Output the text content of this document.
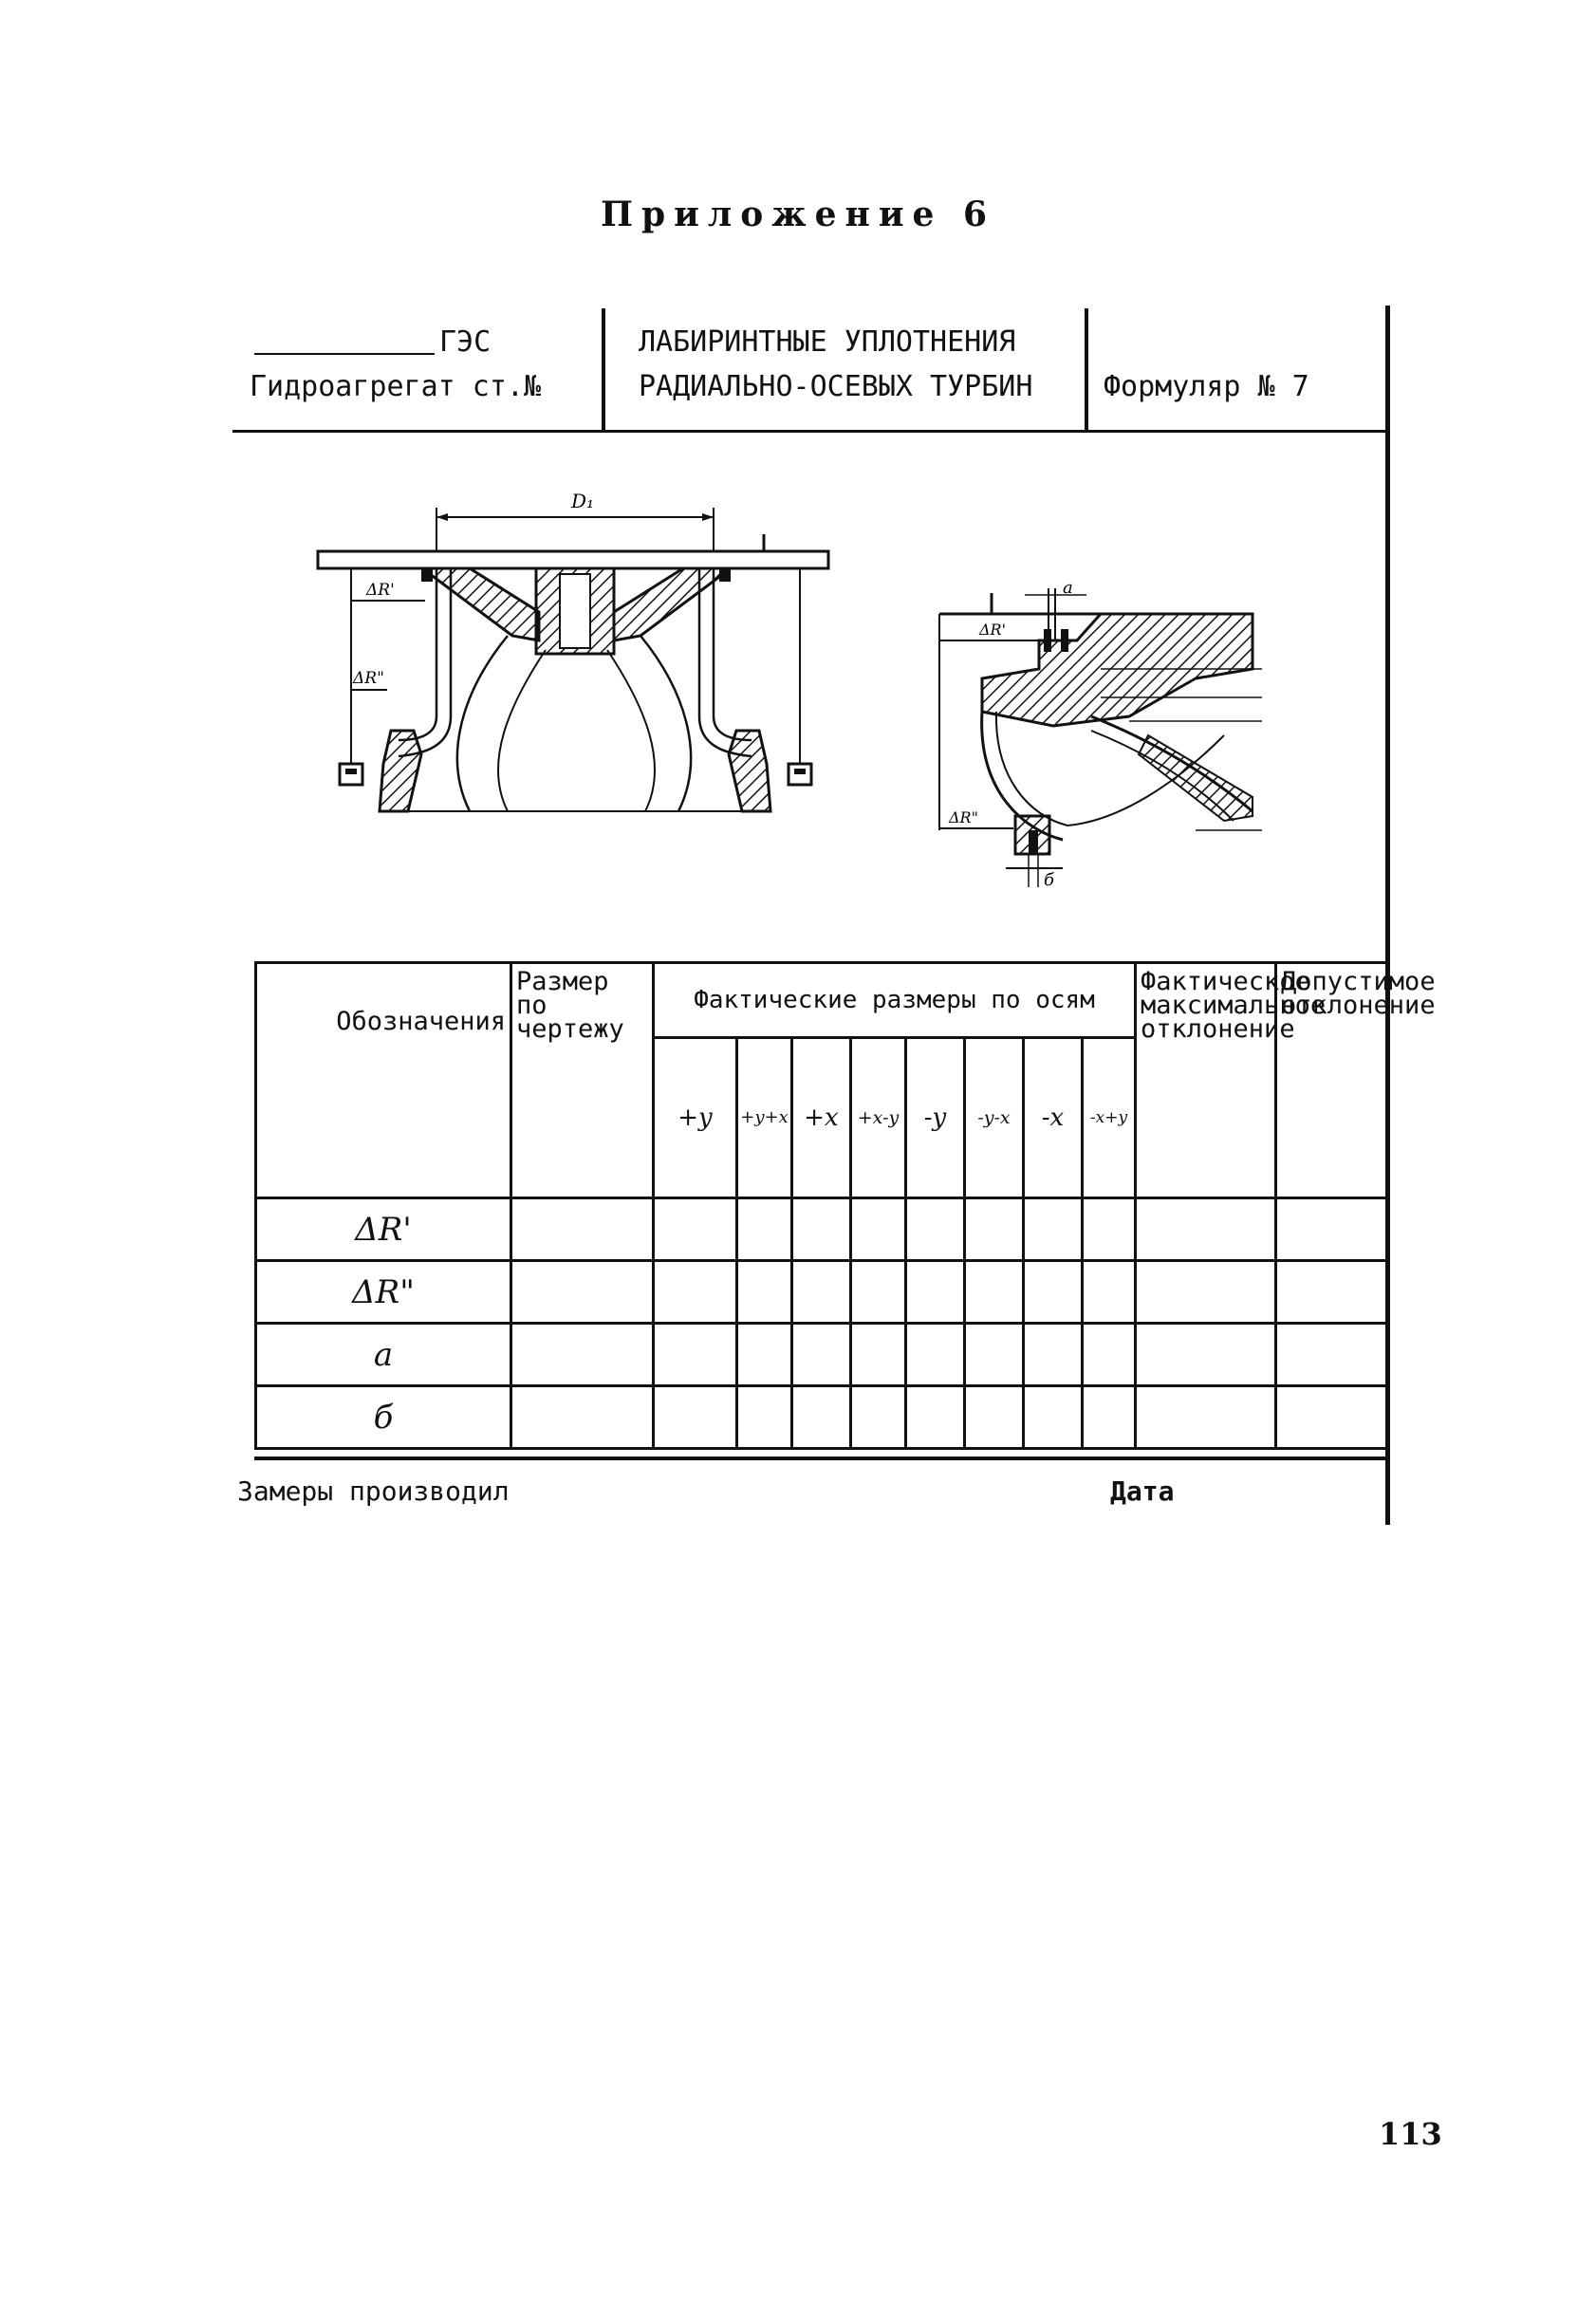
Приложение 6
ГЭС
Гидроагрегат ст.№
ЛАБИРИНТНЫЕ УПЛОТНЕНИЯ
РАДИАЛЬНО-ОСЕВЫХ ТУРБИН Формуляр № 7
D₁
ΔR'
ΔR"
a
ΔR'
ΔR"
б
Обозначения	Размер по чертежу	Фактические размеры по осям								Фактическое максимальное отклонение	Допустимое отклонение
		+y	+y+x	+x	+x-y	-y	-y-x	-x	-x+y		
ΔR'											
ΔR"											
a											
б											
Замеры производил	Дата
113
